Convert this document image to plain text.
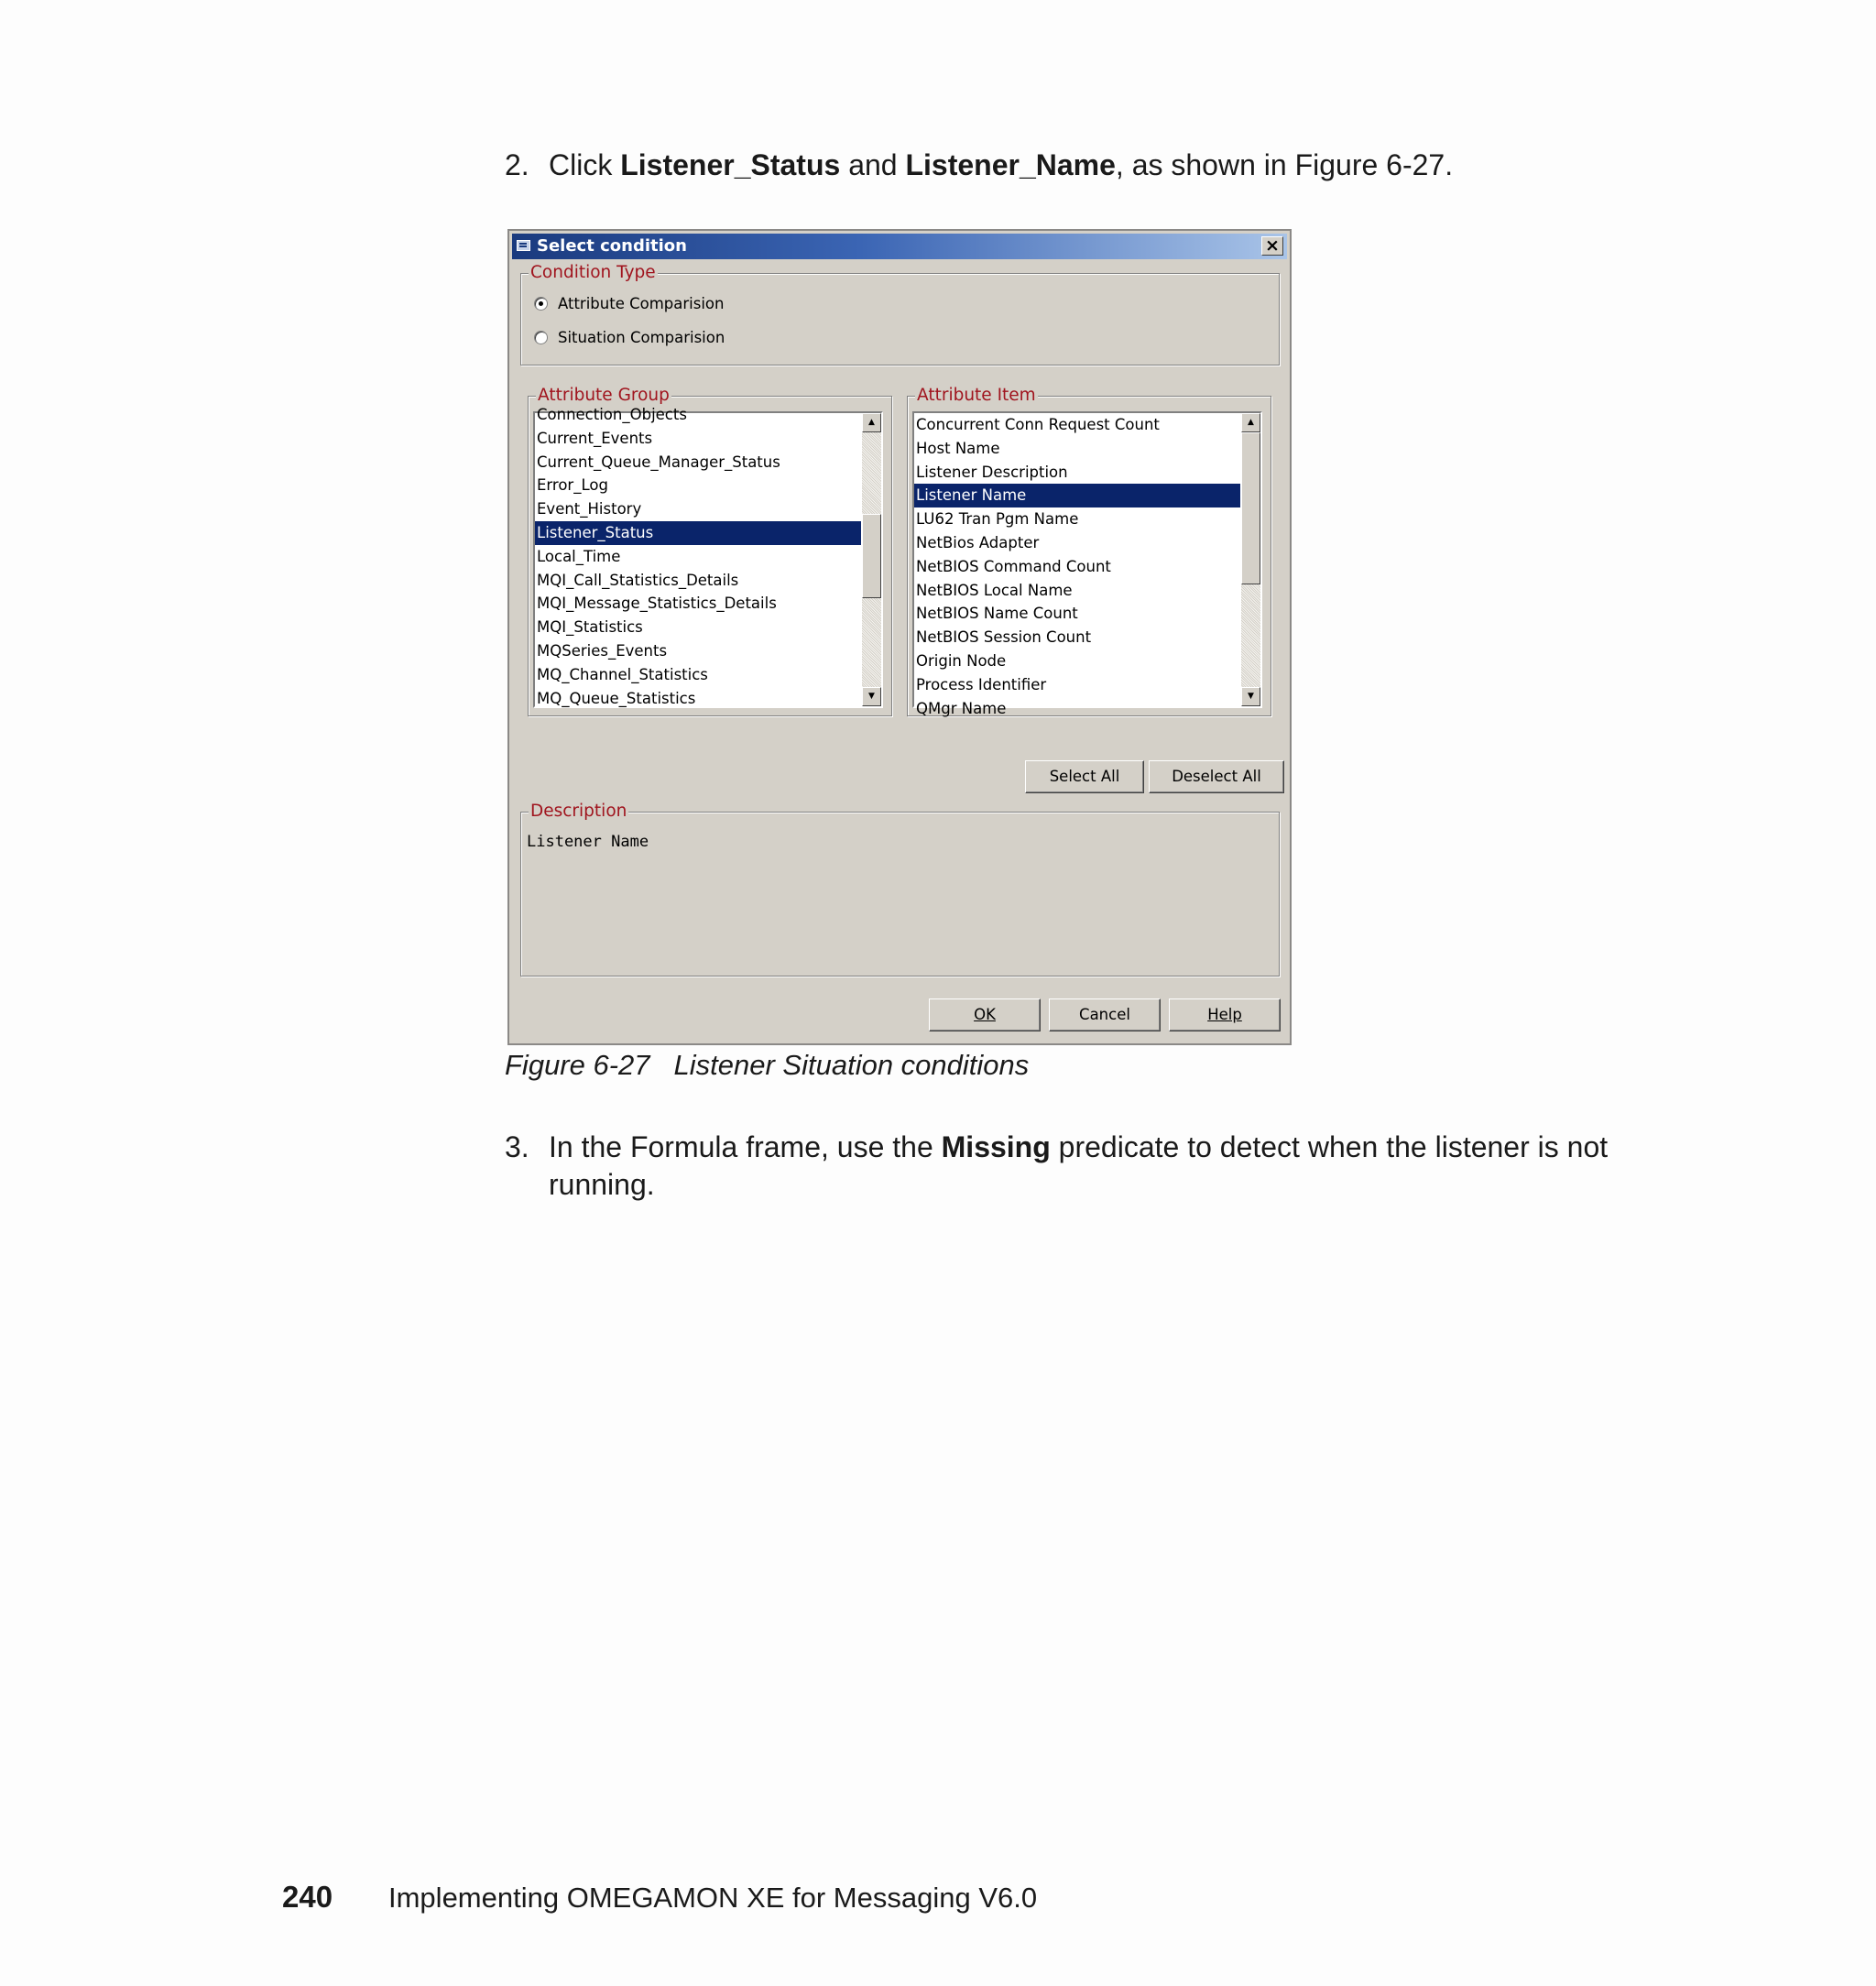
2. Click Listener_Status and Listener_Name, as shown in Figure 6-27.
Select condition	×
Condition Type
Attribute Comparision
Situation Comparision
Attribute Group
Connection_Objects
Current_Events
Current_Queue_Manager_Status
Error_Log
Event_History
Listener_Status
Local_Time
MQI_Call_Statistics_Details
MQI_Message_Statistics_Details
MQI_Statistics
MQSeries_Events
MQ_Channel_Statistics
MQ_Queue_Statistics
▲
▼
Attribute Item
Concurrent Conn Request Count
Host Name
Listener Description
Listener Name
LU62 Tran Pgm Name
NetBios Adapter
NetBIOS Command Count
NetBIOS Local Name
NetBIOS Name Count
NetBIOS Session Count
Origin Node
Process Identifier
QMgr Name
▲
▼
Select All	Deselect All
Description
Listener Name
OK	Cancel	Help
Figure 6-27 Listener Situation conditions
3. In the Formula frame, use the Missing predicate to detect when the listener is not running.
240 Implementing OMEGAMON XE for Messaging V6.0
